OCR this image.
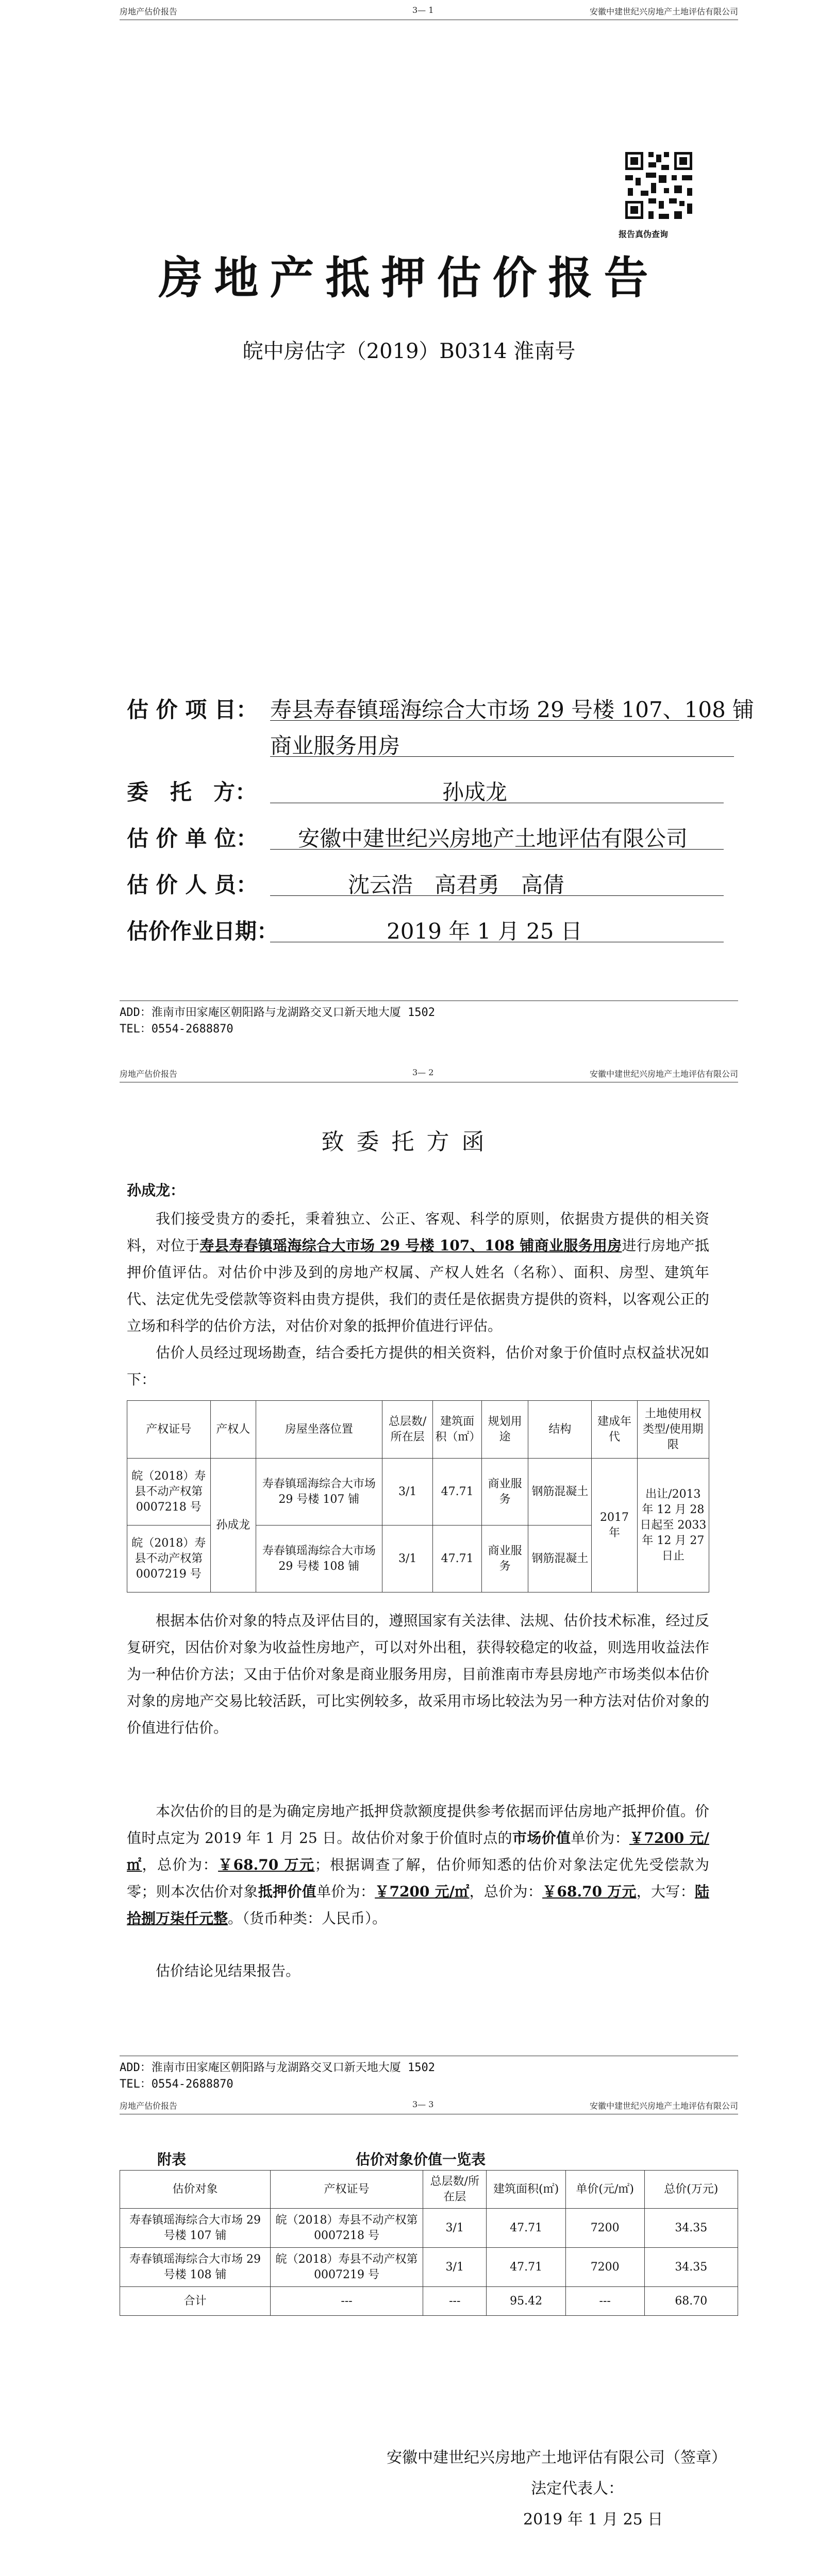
房地产估价报告	3— 1	安徽中建世纪兴房地产土地评估有限公司
报告真伪查询
房地产抵押估价报告
皖中房估字（2019）B0314 淮南号
估 价 项 目： 寿县寿春镇瑶海综合大市场 29 号楼 107、108 铺
商业服务用房
委　托　方：	孙成龙
估 价 单 位： 安徽中建世纪兴房地产土地评估有限公司
估 价 人 员：	沈云浩　高君勇　高倩
估价作业日期：	2019 年 1 月 25 日
ADD：淮南市田家庵区朝阳路与龙湖路交叉口新天地大厦 1502
TEL：0554-2688870
房地产估价报告	3— 2	安徽中建世纪兴房地产土地评估有限公司
致委托方函
孙成龙：
我们接受贵方的委托，秉着独立、公正、客观、科学的原则，依据贵方提供的相关资料，对位于寿县寿春镇瑶海综合大市场 29 号楼 107、108 铺商业服务用房进行房地产抵押价值评估。对估价中涉及到的房地产权属、产权人姓名（名称）、面积、房型、建筑年代、法定优先受偿款等资料由贵方提供，我们的责任是依据贵方提供的资料，以客观公正的立场和科学的估价方法，对估价对象的抵押价值进行评估。
估价人员经过现场勘查，结合委托方提供的相关资料，估价对象于价值时点权益状况如下：
产权证号	产权人	房屋坐落位置	总层数/所在层	建筑面积（㎡）	规划用途	结构	建成年代	土地使用权类型/使用期限
皖（2018）寿县不动产权第 0007218 号	孙成龙	寿春镇瑶海综合大市场 29 号楼 107 铺	3/1	47.71	商业服务	钢筋混凝土	2017 年	出让/2013 年 12 月 28 日起至 2033 年 12 月 27 日止
皖（2018）寿县不动产权第 0007219 号		寿春镇瑶海综合大市场 29 号楼 108 铺	3/1	47.71	商业服务	钢筋混凝土		
根据本估价对象的特点及评估目的，遵照国家有关法律、法规、估价技术标准，经过反复研究，因估价对象为收益性房地产，可以对外出租，获得较稳定的收益，则选用收益法作为一种估价方法；又由于估价对象是商业服务用房，目前淮南市寿县房地产市场类似本估价对象的房地产交易比较活跃，可比实例较多，故采用市场比较法为另一种方法对估价对象的价值进行估价。
本次估价的目的是为确定房地产抵押贷款额度提供参考依据而评估房地产抵押价值。价值时点定为 2019 年 1 月 25 日。故估价对象于价值时点的市场价值单价为：￥7200 元/㎡，总价为：￥68.70 万元；根据调查了解，估价师知悉的估价对象法定优先受偿款为零；则本次估价对象抵押价值单价为：￥7200 元/㎡，总价为：￥68.70 万元，大写：陆拾捌万柒仟元整。（货币种类：人民币）。
估价结论见结果报告。
ADD：淮南市田家庵区朝阳路与龙湖路交叉口新天地大厦 1502
TEL：0554-2688870
房地产估价报告	3— 3	安徽中建世纪兴房地产土地评估有限公司
附表	估价对象价值一览表
估价对象	产权证号	总层数/所在层	建筑面积(㎡)	单价(元/㎡)	总价(万元)
寿春镇瑶海综合大市场 29 号楼 107 铺	皖（2018）寿县不动产权第 0007218 号	3/1	47.71	7200	34.35
寿春镇瑶海综合大市场 29 号楼 108 铺	皖（2018）寿县不动产权第 0007219 号	3/1	47.71	7200	34.35
合计	---	---	95.42	---	68.70
安徽中建世纪兴房地产土地评估有限公司（签章）
法定代表人：
2019 年 1 月 25 日
